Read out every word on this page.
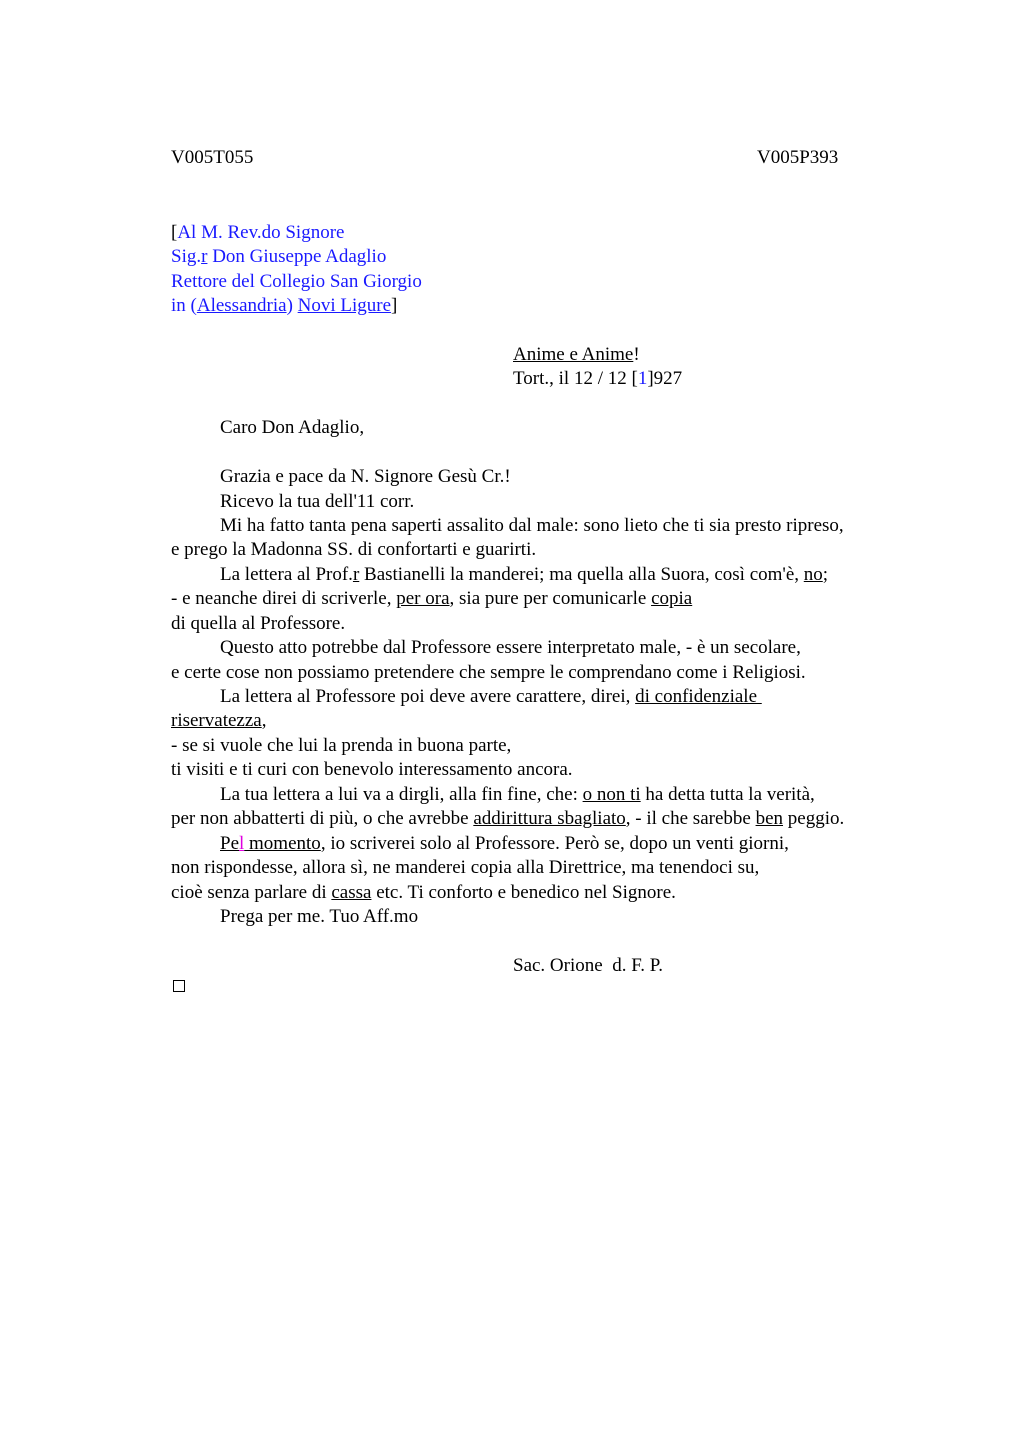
V005T055	V005P393
[Al M. Rev.do Signore
Sig.r Don Giuseppe Adaglio
Rettore del Collegio San Giorgio
in (Alessandria) Novi Ligure]
Anime e Anime!
Tort., il 12 / 12 [1]927
Caro Don Adaglio,
Grazia e pace da N. Signore Gesù Cr.!
Ricevo la tua dell'11 corr.
Mi ha fatto tanta pena saperti assalito dal male: sono lieto che ti sia presto ripreso,
e prego la Madonna SS. di confortarti e guarirti.
La lettera al Prof.r Bastianelli la manderei; ma quella alla Suora, così com'è, no;
- e neanche direi di scriverle, per ora, sia pure per comunicarle copia
di quella al Professore.
Questo atto potrebbe dal Professore essere interpretato male, - è un secolare,
e certe cose non possiamo pretendere che sempre le comprendano come i Religiosi.
La lettera al Professore poi deve avere carattere, direi, di confidenziale
riservatezza,
- se si vuole che lui la prenda in buona parte,
ti visiti e ti curi con benevolo interessamento ancora.
La tua lettera a lui va a dirgli, alla fin fine, che: o non ti ha detta tutta la verità,
per non abbatterti di più, o che avrebbe addirittura sbagliato, - il che sarebbe ben peggio.
Pel momento, io scriverei solo al Professore. Però se, dopo un venti giorni,
non rispondesse, allora sì, ne manderei copia alla Direttrice, ma tenendoci su,
cioè senza parlare di cassa etc. Ti conforto e benedico nel Signore.
Prega per me. Tuo Aff.mo
Sac. Orione  d. F. P.
